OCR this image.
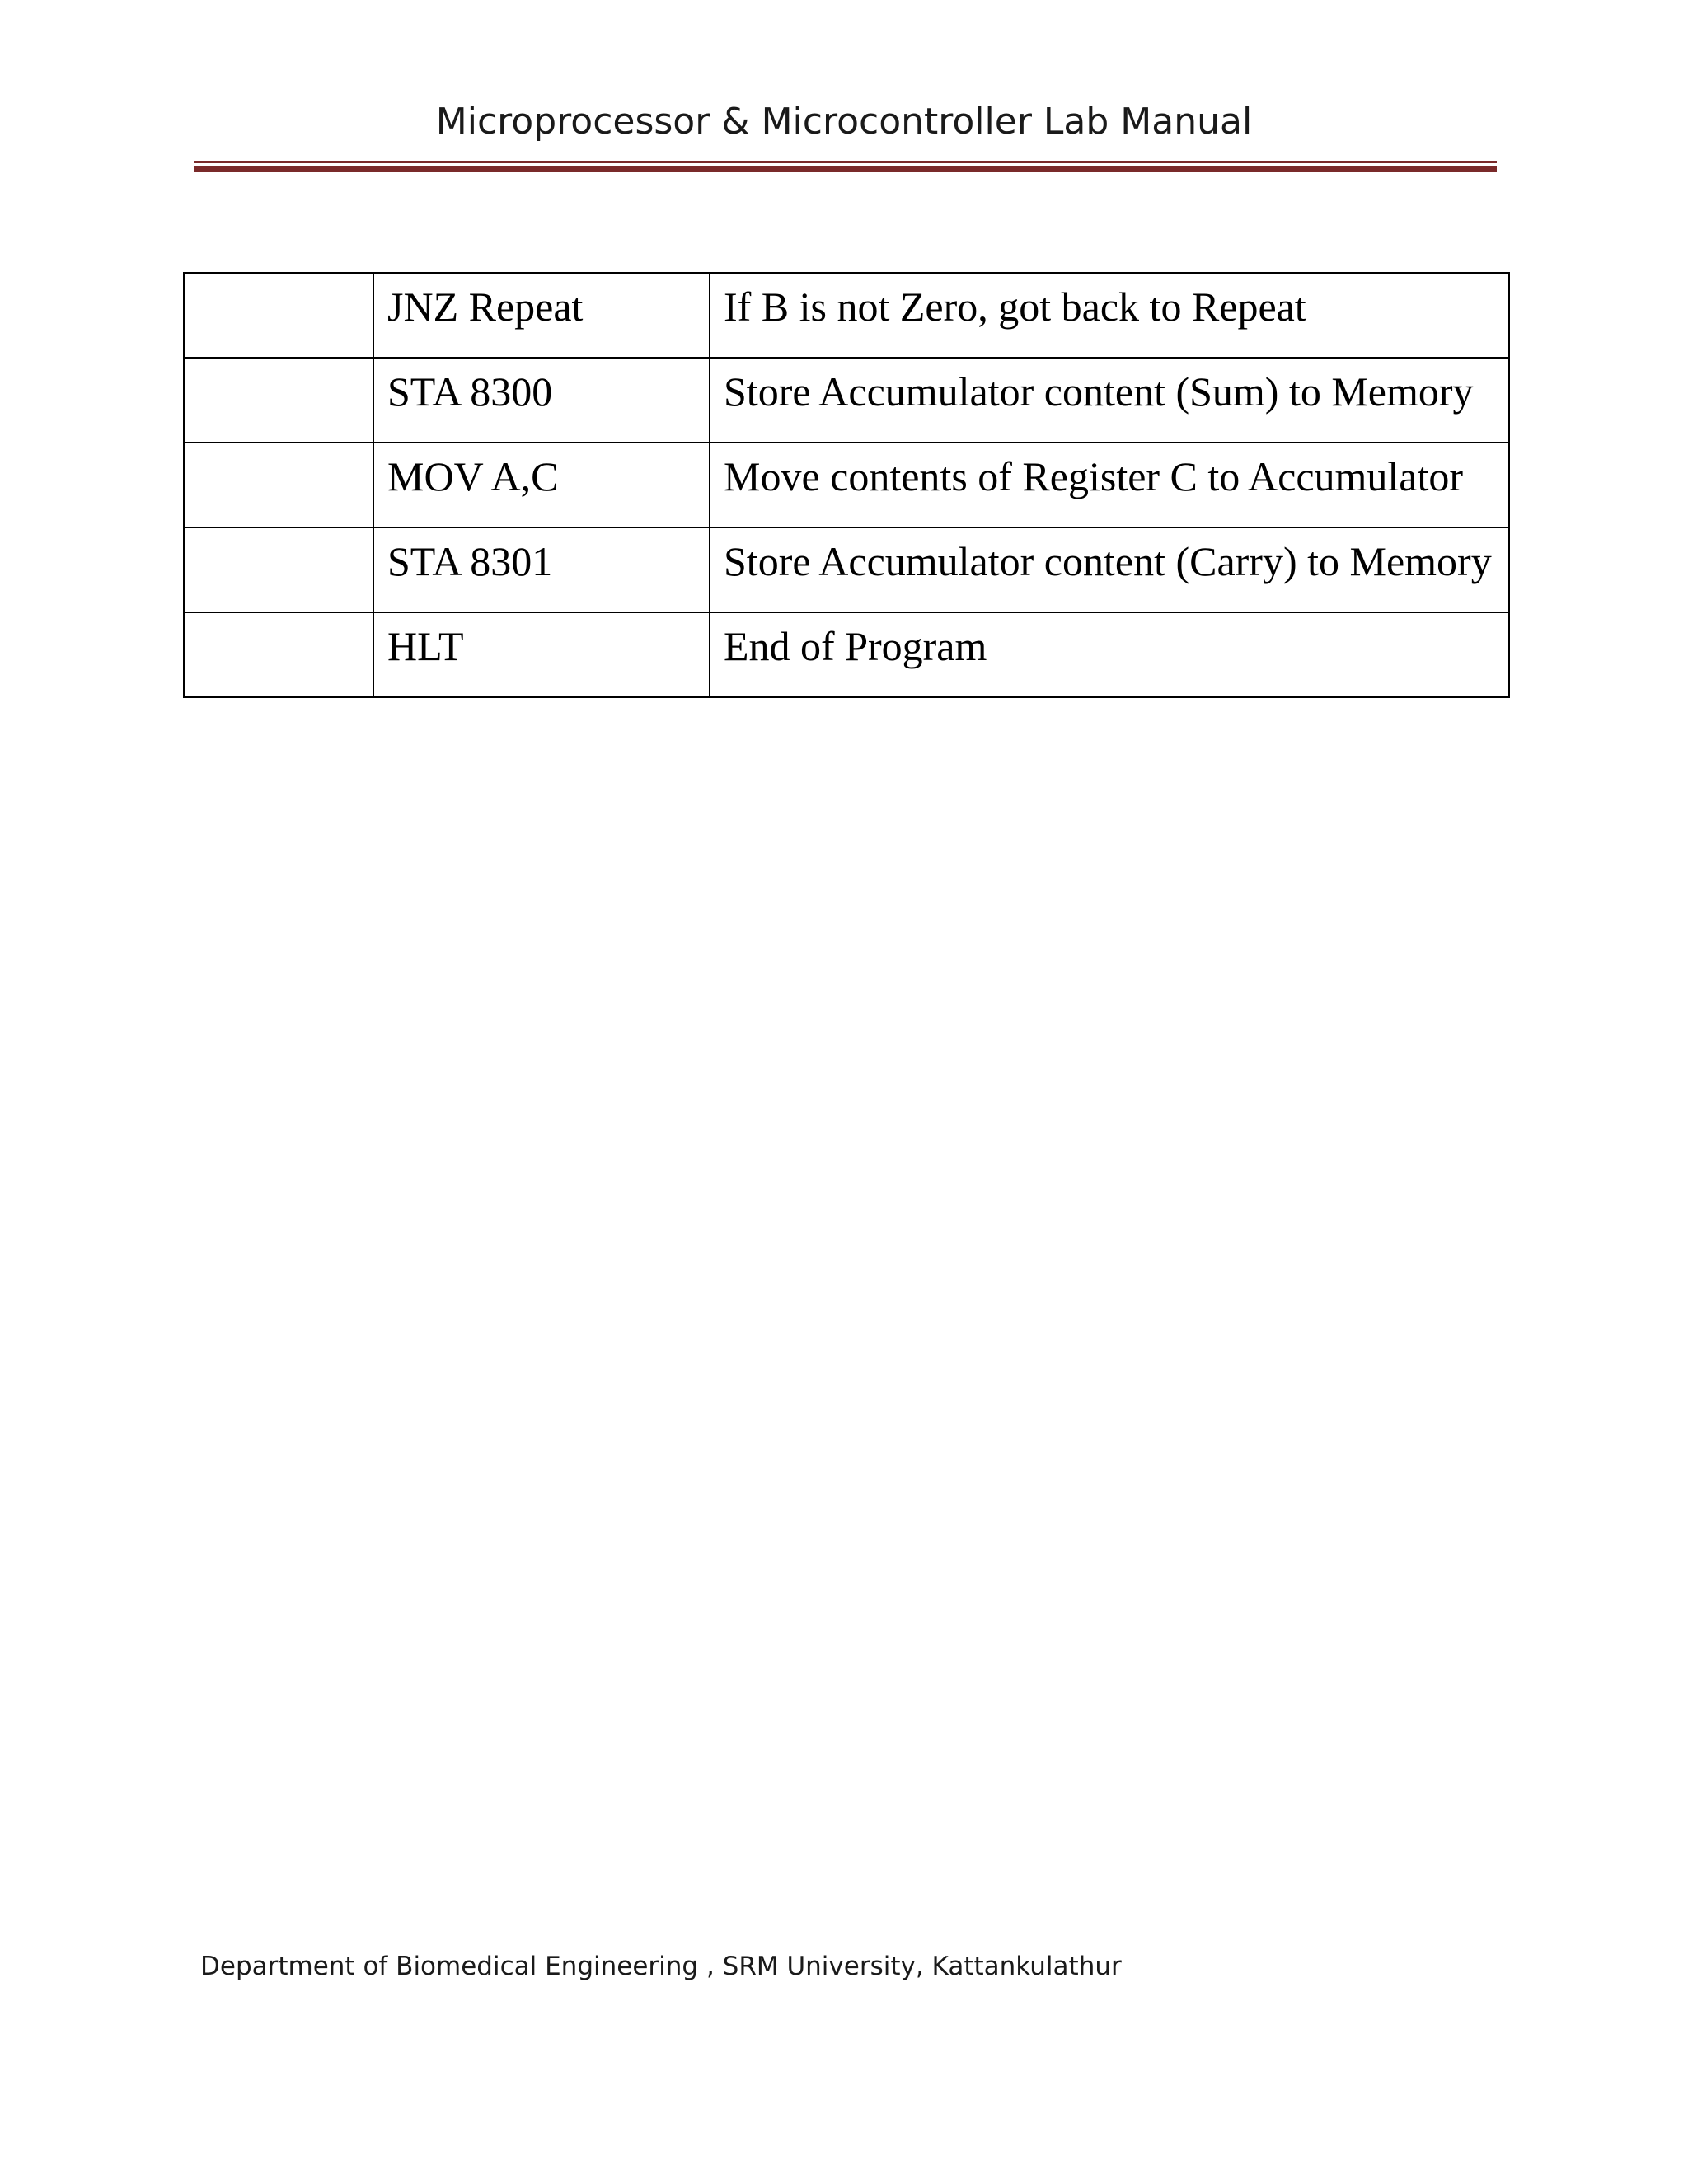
Microprocessor & Microcontroller Lab Manual
	JNZ Repeat	If B is not Zero, got back to Repeat
	STA 8300	Store Accumulator content (Sum) to Memory
	MOV A,C	Move contents of Register C to Accumulator
	STA 8301	Store Accumulator content (Carry) to Memory
	HLT	End of Program
Department of Biomedical Engineering , SRM University, Kattankulathur
